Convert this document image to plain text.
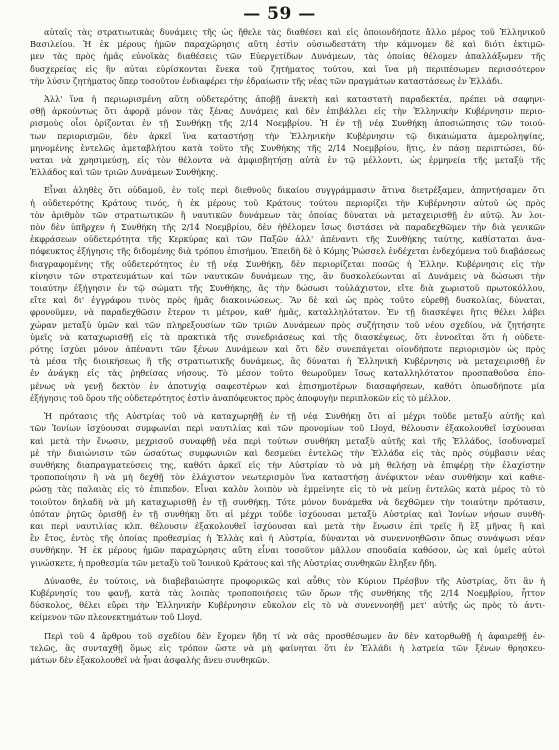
— 59 —
αὐταῖς τὰς στρατιωτικὰς δυνάμεις τῆς ὡς ἤθελε τὰς διαθέσει καὶ εἰς ὁποιονδήποτε ἄλλο μέρος τοῦ Ἑλληνικοῦ
Βασιλείου. Ἡ ἐκ μέρους ἡμῶν παραχώρησις αὕτη ἐστὶν οὐσιωδεστάτη τὴν κάμνομεν δὲ καὶ διότι ἐκτιμῶ-
μεν τὰς πρὸς ἡμᾶς εὐνοϊκὰς διαθέσεις τῶν Εὐεργετίδων Δυνάμεων, τὰς ὁποίας θέλομεν ἀπαλλάξωμεν τῆς
δυσχερείας εἰς ἣν αὐται εὑρίσκονται ἕνεκα τοῦ ζητήματος τούτου, καὶ ἵνα μὴ περιπέσωμεν περισσότερον
τὴν λύσιν ζητήματος ὅπερ τοσοῦτον ἐνδιαφέρει τὴν ἐδραίωσιν τῆς νέας τῶν πραγμάτων καταστάσεως ἐν Ἑλλάδι.
Ἀλλ' ἵνα ἡ περιωρισμένη αὕτη οὐδετερότης ἀποβῇ ἀνεκτὴ καὶ καταστατὴ παραδεκτέα, πρέπει νὰ σαφηνι-
σθῇ ἀρκούντως ὅτι ἀφορᾷ μόνον τὰς ξένας Δυνάμεις καὶ δὲν ἐπιβάλλει εἰς τὴν Ἑλληνικὴν Κυβέρνησιν περιο-
ρισμοὺς οἷοι ὁρίζονται ἐν τῇ Συνθήκῃ τῆς 2/14 Νοεμβρίου. Ἡ ἐν τῇ νέᾳ Συνθήκῃ ἀποσιώπησις τῶν τοιού-
των περιορισμῶν, δὲν ἀρκεῖ ἵνα καταστήσῃ τὴν Ἑλληνικὴν Κυβέρνησιν τῷ δικαιώματα ἀμεροληψίας,
μηνομένης ἐντελῶς ἀμεταβλήτου κατὰ τοῦτο τῆς Συνθήκης τῆς 2/14 Νοεμβρίου, ἥτις, ἐν πάσῃ περιπτώσει, δύ-
ναται νὰ χρησιμεύσῃ, εἰς τὸν θέλοντα νὰ ἀμφισβητήσῃ αὐτὰ ἐν τῷ μέλλοντι, ὡς ἑρμηνεία τῆς μεταξὺ τῆς
Ἑλλάδος καὶ τῶν τριῶν Δυνάμεων Συνθήκης.
Εἶναι ἀληθὲς ὅτι οὐδαμοῦ, ἐν τοῖς περὶ διεθνοῦς δικαίου συγγράμμασιν ἅτινα διετρέξαμεν, ἀπηντήσαμεν ὅτι
ἡ οὐδετερότης Κράτους τινός, ἡ ἐκ μέρους τοῦ Κράτους τούτου περιορίζει τὴν Κυβέρνησιν αὐτοῦ ὡς πρὸς
τὸν ἀριθμὸν τῶν στρατιωτικῶν ἢ ναυτικῶν δυνάμεων τὰς ὁποίας δύναται νὰ μεταχειρισθῇ ἐν αὐτῷ. Ἀν λοι-
πὸν δὲν ὑπῆρχεν ἡ Συνθήκη τῆς 2/14 Νοεμβρίου, δὲν ἠθέλομεν ἴσως διστάσει νὰ παραδεχθῶμεν τὴν διὰ γενικῶν
ἐκφράσεων οὐδετερότητα τῆς Κερκύρας καὶ τῶν Παξῶν ἀλλ' ἀπέναντι τῆς Συνθήκης ταύτης, καθίσταται ἀνα-
πόφευκτος ἐξήγησις τῆς διδομένης διὰ τρόπου ἐπισήμου. Ἐπειδὴ δὲ ὁ Κόμης Ῥώσσελ ἐνδέχεται ἐνδεχόμενα τοῦ διαβάσεως
διαγραφομένης τῆς οὐδετερότητος ἐν τῇ νέᾳ Συνθήκῃ, δὲν περιορίζεται ποσῶς ἡ Ἑλλην. Κυβέρνησις εἰς τὴν
κίνησιν τῶν στρατευμάτων καὶ τῶν ναυτικῶν δυνάμεων της, ἂν δυσκολεύωνται αἱ Δυνάμεις νὰ δώσωσι τὴν
τοιαύτην ἐξήγησιν ἐν τῷ σώματι τῆς Συνθήκης, ἂς τὴν δώσωσι τοὐλάχιστον, εἴτε διὰ χωριστοῦ πρωτοκόλλου,
εἴτε καὶ δι' ἐγγράφου τινὸς πρὸς ἡμᾶς διακοινώσεως. Ἂν δὲ καὶ ὡς πρὸς τοῦτο εὑρεθῇ δυσκολίας, δύναται,
φρονοῦμεν, νὰ παραδεχθῶσιν ἕτερον τι μέτρον, καθ' ἡμᾶς, καταλληλότατον. Ἐν τῇ διασκέψει ἥτις θέλει λάβει
χώραν μεταξὺ ὑμῶν καὶ τῶν πληρεξουσίων τῶν τριῶν Δυνάμεων πρὸς συζήτησιν τοῦ νέου σχεδίου, νὰ ζητήσητε
ὑμεῖς νὰ καταχωρισθῇ εἰς τὰ πρακτικὰ τῆς συνεδριάσεως καὶ τῆς διασκέψεως, ὅτι ἐννοεῖται ὅτι ἡ οὐδετε-
ρότης ἰσχύει μόνον ἀπέναντι τῶν ξένων Δυνάμεων καὶ ὅτι δὲν συνεπάγεται οἱονδήποτε περιορισμὸν ὡς πρὸς
τὰ μέσα τῆς διοικήσεως ἢ τῆς στρατιωτικῆς δυνάμεως, ἃς δύναται ἡ Ἑλληνικὴ Κυβέρνησις νὰ μεταχειρισθῇ ἐν
ἐν ἀνάγκῃ εἰς τὰς ῥηθείσας νήσους. Τὸ μέσον τοῦτο θεωροῦμεν ἴσως καταλληλότατον προσπαθοῦσα ἐπο-
μένως νὰ γενῇ δεκτὸν ἐν ἀποτυχίᾳ σαφεστέρων καὶ ἐπισημοτέρων διασαφήσεων, καθότι ὁπωσδήποτε μία
ἐξήγησις τοῦ ὅρου τῆς οὐδετερότητος ἐστὶν ἀναπόφευκτος πρὸς ἀποφυγὴν περιπλοκῶν εἰς τὸ μέλλον.
Ἡ πρότασις τῆς Αὐστρίας τοῦ νὰ καταχωρηθῇ ἐν τῇ νέᾳ Συνθήκῃ ὅτι αἱ μέχρι τοῦδε μεταξὺ αὐτῆς καὶ
τῶν Ἰονίων ἰσχύουσαι συμφωνίαι περὶ ναυτιλίας καὶ τῶν προνομίων τοῦ Lloyd, θέλουσιν ἐξακολουθεῖ ἰσχύουσαι
καὶ μετὰ τὴν ἕνωσιν, μεχρισοῦ συναφθῇ νέα περὶ τούτων συνθήκη μεταξὺ αὐτῆς καὶ τῆς Ἑλλάδος, ἰσοδυναμεῖ
μὲ τὴν διαιώνισιν τῶν ὡσαύτως συμφωνιῶν καὶ δεσμεύει ἐντελῶς τὴν Ἑλλάδα εἰς τὰς πρὸς σύμβασιν νέας
συνθήκης διαπραγματεύσεις της, καθότι ἀρκεῖ εἰς τὴν Αὐστρίαν τὸ νὰ μὴ θελήσῃ νὰ ἐπιφέρῃ τὴν ἐλαχίστην
τροποποίησιν ἢ νὰ μὴ δεχθῇ τὸν ἐλάχιστον νεωτερισμὸν ἵνα καταστήσῃ ἀνέφικτον νέαν συνθήκην καὶ καθιε-
ρώσῃ τὰς παλαιὰς εἰς τὸ ἐπιπεδον. Εἶναι καλὸν λοιπὸν νὰ ἐμμείνητε εἰς τὸ νὰ μείνῃ ἐντελῶς κατὰ μέρος τὸ τὸ
τοιοῦτον δηλαδὴ νὰ μὴ καταχωρισθῇ ἐν τῇ συνθήκῃ. Τότε μόνον δυνάμεθα νὰ δεχθῶμεν τὴν τοιαύτην πρότασιν,
ὁπόταν ῥητῶς ὁρισθῇ ἐν τῇ συνθήκῃ ὅτι αἱ μέχρι τοῦδε ἰσχύουσαι μεταξὺ Αὐστρίας καὶ Ἰονίων νήσων συνθή-
και περὶ ναυτιλίας κλπ. θέλουσιν ἐξακολουθεῖ ἰσχύουσαι καὶ μετὰ τὴν ἕνωσιν ἐπὶ τρεῖς ἢ ἓξ μῆνας ἢ καὶ
ἓν ἔτος, ἐντὸς τῆς ὁποίας προθεσμίας ἡ Ἑλλὰς καὶ ἡ Αὐστρία, δύνανται νὰ συνεννοηθῶσιν ὅπως συνάψωσι νέαν
συνθήκην. Ἡ ἐκ μέρους ἡμῶν παραχώρησις αὕτη εἶναι τοσοῦτον μᾶλλον σπουδαία καθόσον, ὡς καὶ ὑμεῖς αὐτοὶ
γινώσκετε, ἡ προθεσμία τῶν μεταξὺ τοῦ Ἰονικοῦ Κράτους καὶ τῆς Αὐστρίας συνθηκῶν ἔληξεν ἤδη.
Δύνασθε, ἐν τούτοις, νὰ διαβεβαιώσητε προφορικῶς καὶ αὖθις τὸν Κύριον Πρέσβυν τῆς Αὐστρίας, ὅτι ἂν ἡ
Κυβέρνησίς του φανῇ, κατὰ τὰς λοιπὰς τροποποιήσεις τῶν ὅρων τῆς συνθήκης τῆς 2/14 Νοεμβρίου, ἧττον
δύσκολος, θέλει εὕρει τὴν Ἑλληνικὴν Κυβέρνησιν εὔκολον εἰς τὸ νὰ συνεννοηθῇ μετ' αὐτῆς ὡς πρὸς τὸ ἀντι-
κείμενον τῶν πλεονεκτημάτων τοῦ Lloyd.
Περὶ τοῦ 4 ἄρθρου τοῦ σχεδίου δὲν ἔχομεν ἤδη τί νὰ σᾶς προσθέσωμεν ἂν δὲν κατορθωθῇ ἡ ἀφαιρεθῇ ἐν-
τελῶς, ἃς συνταχθῇ ὅμως εἰς τρόπον ὥστε νὰ μὴ φαίνηται ὅτι ἐν Ἑλλάδι ἡ λατρεία τῶν ξένων θρησκευ-
μάτων δὲν ἐξακολουθεῖ νὰ ἦναι ἀσφαλὴς ἄνευ συνθηκῶν.
